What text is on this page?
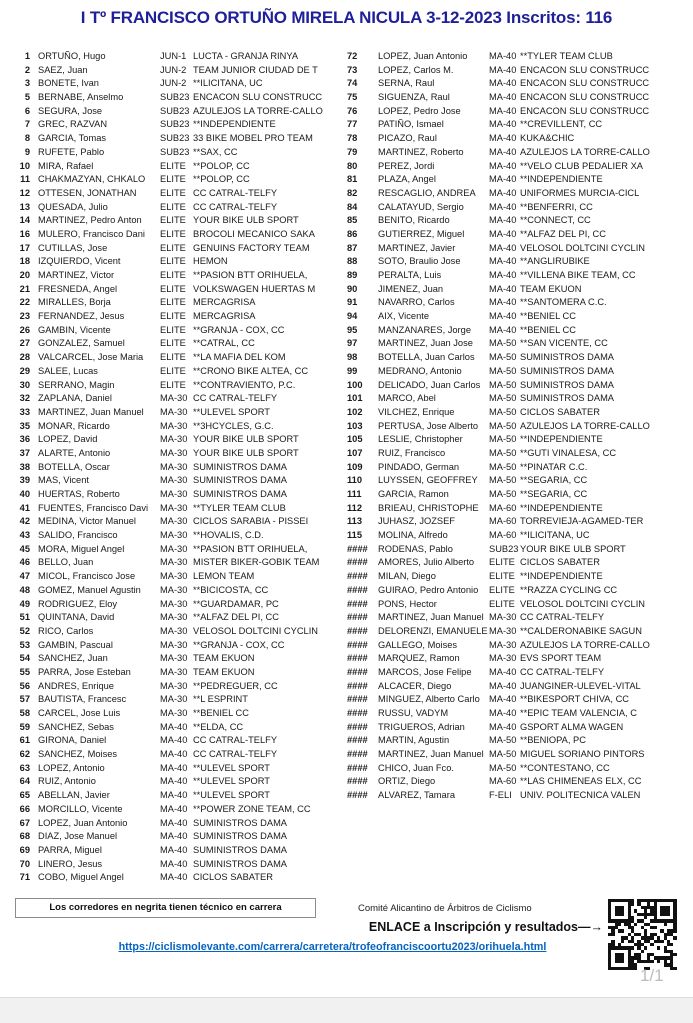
I Tº FRANCISCO ORTUÑO MIRELA NICULA 3-12-2023 Inscritos: 116
1 ORTUÑO, Hugo	JUN-1 LUCTA - GRANJA RINYA
2 SAEZ, Juan	JUN-2 TEAM JUNIOR CIUDAD DE T
3 BONETE, Ivan	JUN-2 **ILICITANA, UC
5 BERNABE, Anselmo	SUB23 ENCACON SLU CONSTRUCC
6 SEGURA, Jose	SUB23 AZULEJOS LA TORRE-CALLO
7 GREC, RAZVAN	SUB23 **INDEPENDIENTE
8 GARCIA, Tomas	SUB23 33 BIKE MOBEL PRO TEAM
9 RUFETE, Pablo	SUB23 **SAX, CC
10 MIRA, Rafael	ELITE **POLOP, CC
11 CHAKMAZYAN, CHKALO	ELITE **POLOP, CC
12 OTTESEN, JONATHAN	ELITE CC CATRAL-TELFY
13 QUESADA, Julio	ELITE CC CATRAL-TELFY
14 MARTINEZ, Pedro Anton	ELITE YOUR BIKE ULB SPORT
16 MULERO, Francisco Dani	ELITE BROCOLI MECANICO SAKA
17 CUTILLAS, Jose	ELITE GENUINS FACTORY TEAM
18 IZQUIERDO, Vicent	ELITE HEMON
20 MARTINEZ, Victor	ELITE **PASION BTT ORIHUELA,
21 FRESNEDA, Angel	ELITE VOLKSWAGEN HUERTAS M
22 MIRALLES, Borja	ELITE MERCAGRISA
23 FERNANDEZ, Jesus	ELITE MERCAGRISA
26 GAMBIN, Vicente	ELITE **GRANJA - COX, CC
27 GONZALEZ, Samuel	ELITE **CATRAL, CC
28 VALCARCEL, Jose Maria	ELITE **LA MAFIA DEL KOM
29 SALEE, Lucas	ELITE **CRONO BIKE ALTEA, CC
30 SERRANO, Magin	ELITE **CONTRAVIENTO, P.C.
32 ZAPLANA, Daniel	MA-30 CC CATRAL-TELFY
33 MARTINEZ, Juan Manuel	MA-30 **ULEVEL SPORT
35 MONAR, Ricardo	MA-30 **3HCYCLES, G.C.
36 LOPEZ, David	MA-30 YOUR BIKE ULB SPORT
37 ALARTE, Antonio	MA-30 YOUR BIKE ULB SPORT
38 BOTELLA, Oscar	MA-30 SUMINISTROS DAMA
39 MAS, Vicent	MA-30 SUMINISTROS DAMA
40 HUERTAS, Roberto	MA-30 SUMINISTROS DAMA
41 FUENTES, Francisco Davi	MA-30 **TYLER TEAM CLUB
42 MEDINA, Victor Manuel	MA-30 CICLOS SARABIA - PISSEI
43 SALIDO, Francisco	MA-30 **HOVALIS, C.D.
45 MORA, Miguel Angel	MA-30 **PASION BTT ORIHUELA,
46 BELLO, Juan	MA-30 MISTER BIKER-GOBIK TEAM
47 MICOL, Francisco Jose	MA-30 LEMON TEAM
48 GOMEZ, Manuel Agustin	MA-30 **BICICOSTA, CC
49 RODRIGUEZ, Eloy	MA-30 **GUARDAMAR, PC
51 QUINTANA, David	MA-30 **ALFAZ DEL PI, CC
52 RICO, Carlos	MA-30 VELOSOL DOLTCINI CYCLIN
53 GAMBIN, Pascual	MA-30 **GRANJA - COX, CC
54 SANCHEZ, Juan	MA-30 TEAM EKUON
55 PARRA, Jose Esteban	MA-30 TEAM EKUON
56 ANDRES, Enrique	MA-30 **PEDREGUER, CC
57 BAUTISTA, Francesc	MA-30 **L ESPRINT
58 CARCEL, Jose Luis	MA-30 **BENIEL CC
59 SANCHEZ, Sebas	MA-40 **ELDA, CC
61 GIRONA, Daniel	MA-40 CC CATRAL-TELFY
62 SANCHEZ, Moises	MA-40 CC CATRAL-TELFY
63 LOPEZ, Antonio	MA-40 **ULEVEL SPORT
64 RUIZ, Antonio	MA-40 **ULEVEL SPORT
65 ABELLAN, Javier	MA-40 **ULEVEL SPORT
66 MORCILLO, Vicente	MA-40 **POWER ZONE TEAM, CC
67 LOPEZ, Juan Antonio	MA-40 SUMINISTROS DAMA
68 DIAZ, Jose Manuel	MA-40 SUMINISTROS DAMA
69 PARRA, Miguel	MA-40 SUMINISTROS DAMA
70 LINERO, Jesus	MA-40 SUMINISTROS DAMA
71 COBO, Miguel Angel	MA-40 CICLOS SABATER
72	LOPEZ, Juan Antonio	MA-40 **TYLER TEAM CLUB
73	LOPEZ, Carlos M.	MA-40 ENCACON SLU CONSTRUCC
74	SERNA, Raul	MA-40 ENCACON SLU CONSTRUCC
75	SIGUENZA, Raul	MA-40 ENCACON SLU CONSTRUCC
76	LOPEZ, Pedro Jose	MA-40 ENCACON SLU CONSTRUCC
77	PATIÑO, Ismael	MA-40 **CREVILLENT, CC
78	PICAZO, Raul	MA-40 KUKA&CHIC
79	MARTINEZ, Roberto	MA-40 AZULEJOS LA TORRE-CALLO
80	PEREZ, Jordi	MA-40 **VELO CLUB PEDALIER XA
81	PLAZA, Angel	MA-40 **INDEPENDIENTE
82	RESCAGLIO, ANDREA	MA-40 UNIFORMES MURCIA-CICL
84	CALATAYUD, Sergio	MA-40 **BENFERRI, CC
85	BENITO, Ricardo	MA-40 **CONNECT, CC
86	GUTIERREZ, Miguel	MA-40 **ALFAZ DEL PI, CC
87	MARTINEZ, Javier	MA-40 VELOSOL DOLTCINI CYCLIN
88	SOTO, Braulio Jose	MA-40 **ANGLIRUBIKE
89	PERALTA, Luis	MA-40 **VILLENA BIKE TEAM, CC
90	JIMENEZ, Juan	MA-40 TEAM EKUON
91	NAVARRO, Carlos	MA-40 **SANTOMERA C.C.
94	AIX, Vicente	MA-40 **BENIEL CC
95	MANZANARES, Jorge	MA-40 **BENIEL CC
97	MARTINEZ, Juan Jose	MA-50 **SAN VICENTE, CC
98	BOTELLA, Juan Carlos	MA-50 SUMINISTROS DAMA
99	MEDRANO, Antonio	MA-50 SUMINISTROS DAMA
100	DELICADO, Juan Carlos MA-50 SUMINISTROS DAMA
101	MARCO, Abel	MA-50 SUMINISTROS DAMA
102	VILCHEZ, Enrique	MA-50 CICLOS SABATER
103	PERTUSA, Jose Alberto	MA-50 AZULEJOS LA TORRE-CALLO
105	LESLIE, Christopher	MA-50 **INDEPENDIENTE
107	RUIZ, Francisco	MA-50 **GUTI VINALESA, CC
109	PINDADO, German	MA-50 **PINATAR C.C.
110	LUYSSEN, GEOFFREY	MA-50 **SEGARIA, CC
111	GARCIA, Ramon	MA-50 **SEGARIA, CC
112	BRIEAU, CHRISTOPHE	MA-60 **INDEPENDIENTE
113	JUHASZ, JOZSEF	MA-60 TORREVIEJA-AGAMED-TER
115	MOLINA, Alfredo	MA-60 **ILICITANA, UC
####	RODENAS, Pablo	SUB23 YOUR BIKE ULB SPORT
####	AMORES, Julio Alberto	ELITE CICLOS SABATER
####	MILAN, Diego	ELITE **INDEPENDIENTE
####	GUIRAO, Pedro Antonio	ELITE **RAZZA CYCLING CC
####	PONS, Hector	ELITE VELOSOL DOLTCINI CYCLIN
####	MARTINEZ, Juan Manuel MA-30 CC CATRAL-TELFY
####	DELORENZI, EMANUELE MA-30 **CALDERONABIKE SAGUN
####	GALLEGO, Moises	MA-30 AZULEJOS LA TORRE-CALLO
####	MARQUEZ, Ramon	MA-30 EVS SPORT TEAM
####	MARCOS, Jose Felipe	MA-40 CC CATRAL-TELFY
####	ALCACER, Diego	MA-40 JUANGINER-ULEVEL-VITAL
####	MINGUEZ, Alberto Carlo MA-40 **BIKESPORT CHIVA, CC
####	RUSSU, VADYM	MA-40 **EPIC TEAM VALENCIA, C
####	TRIGUEROS, Adrian	MA-40 GSPORT ALMA WAGEN
####	MARTIN, Agustin	MA-50 **BENIOPA, PC
####	MARTINEZ, Juan Manuel MA-50 MIGUEL SORIANO PINTORS
####	CHICO, Juan Fco.	MA-50 **CONTESTANO, CC
####	ORTIZ, Diego	MA-60 **LAS CHIMENEAS ELX, CC
####	ALVAREZ, Tamara	F-ELI UNIV. POLITECNICA VALEN
Los corredores en negrita tienen técnico en carrera	Comité Alicantino de Árbitros de Ciclismo
ENLACE a Inscripción y resultados—→
https://ciclismolevante.com/carrera/carretera/trofeofranciscoortu2023/orihuela.html
1/1
